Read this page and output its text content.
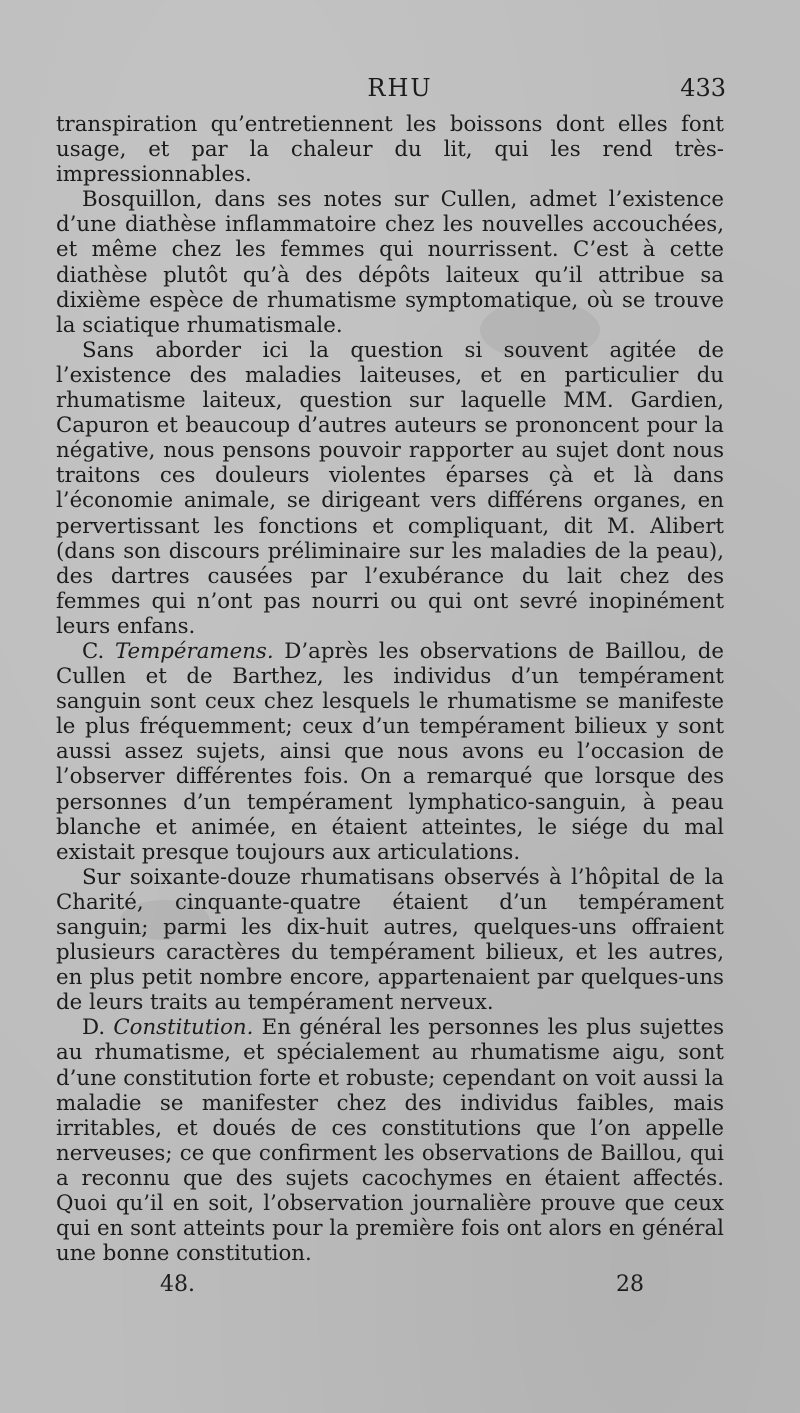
RHU	433

transpiration qu’entretiennent les boissons dont elles font usage, et par la chaleur du lit, qui les rend très-impressionnables.

Bosquillon, dans ses notes sur Cullen, admet l’existence d’une diathèse inflammatoire chez les nouvelles accouchées, et même chez les femmes qui nourrissent. C’est à cette diathèse plutôt qu’à des dépôts laiteux qu’il attribue sa dixième espèce de rhumatisme symptomatique, où se trouve la sciatique rhumatismale.

Sans aborder ici la question si souvent agitée de l’existence des maladies laiteuses, et en particulier du rhumatisme laiteux, question sur laquelle MM. Gardien, Capuron et beaucoup d’autres auteurs se prononcent pour la négative, nous pensons pouvoir rapporter au sujet dont nous traitons ces douleurs violentes éparses çà et là dans l’économie animale, se dirigeant vers différens organes, en pervertissant les fonctions et compliquant, dit M. Alibert (dans son discours préliminaire sur les maladies de la peau), des dartres causées par l’exubérance du lait chez des femmes qui n’ont pas nourri ou qui ont sevré inopinément leurs enfans.

C. Tempéramens. D’après les observations de Baillou, de Cullen et de Barthez, les individus d’un tempérament sanguin sont ceux chez lesquels le rhumatisme se manifeste le plus fréquemment; ceux d’un tempérament bilieux y sont aussi assez sujets, ainsi que nous avons eu l’occasion de l’observer différentes fois. On a remarqué que lorsque des personnes d’un tempérament lymphatico-sanguin, à peau blanche et animée, en étaient atteintes, le siége du mal existait presque toujours aux articulations.

Sur soixante-douze rhumatisans observés à l’hôpital de la Charité, cinquante-quatre étaient d’un tempérament sanguin; parmi les dix-huit autres, quelques-uns offraient plusieurs caractères du tempérament bilieux, et les autres, en plus petit nombre encore, appartenaient par quelques-uns de leurs traits au tempérament nerveux.

D. Constitution. En général les personnes les plus sujettes au rhumatisme, et spécialement au rhumatisme aigu, sont d’une constitution forte et robuste; cependant on voit aussi la maladie se manifester chez des individus faibles, mais irritables, et doués de ces constitutions que l’on appelle nerveuses; ce que confirment les observations de Baillou, qui a reconnu que des sujets cacochymes en étaient affectés. Quoi qu’il en soit, l’observation journalière prouve que ceux qui en sont atteints pour la première fois ont alors en général une bonne constitution.

48.	28
